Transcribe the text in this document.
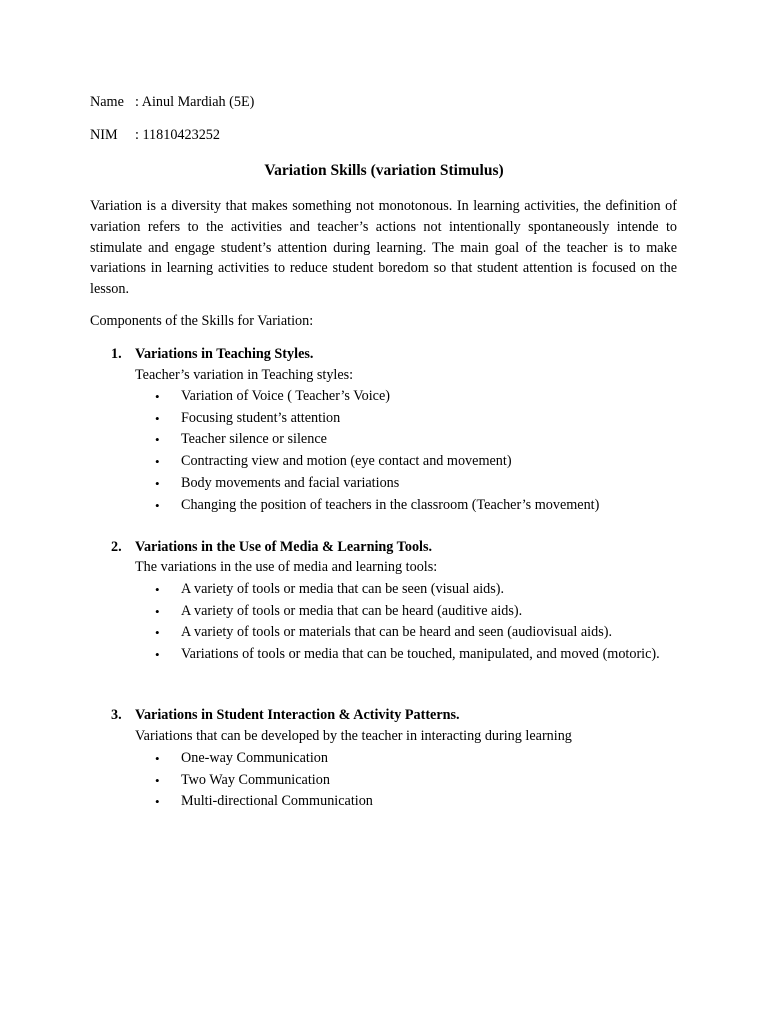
Name : Ainul Mardiah (5E)
NIM : 11810423252
Variation Skills (variation Stimulus)
Variation is a diversity that makes something not monotonous. In learning activities, the definition of variation refers to the activities and teacher’s actions not intentionally spontaneously intende to stimulate and engage student’s attention during learning. The main goal of the teacher is to make variations in learning activities to reduce student boredom so that student attention is focused on the lesson.
Components of the Skills for Variation:
1. Variations in Teaching Styles.
Teacher’s variation in Teaching styles:
• Variation of Voice ( Teacher’s Voice)
• Focusing student’s attention
• Teacher silence or silence
• Contracting view and motion (eye contact and movement)
• Body movements and facial variations
• Changing the position of teachers in the classroom (Teacher’s movement)
2. Variations in the Use of Media & Learning Tools.
The variations in the use of media and learning tools:
• A variety of tools or media that can be seen (visual aids).
• A variety of tools or media that can be heard (auditive aids).
• A variety of tools or materials that can be heard and seen (audiovisual aids).
• Variations of tools or media that can be touched, manipulated, and moved (motoric).
3. Variations in Student Interaction & Activity Patterns.
Variations that can be developed by the teacher in interacting during learning
• One-way Communication
• Two Way Communication
• Multi-directional Communication
